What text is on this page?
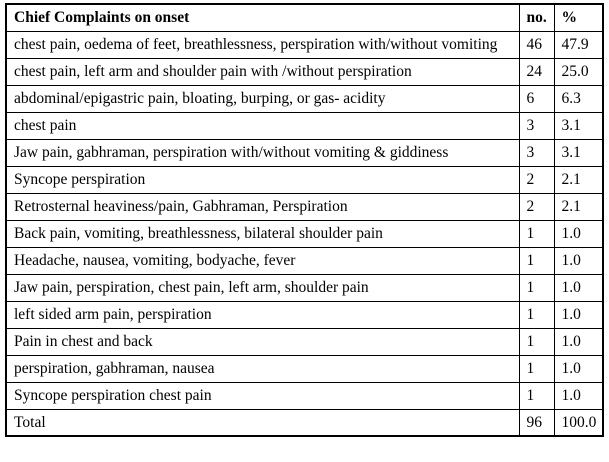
Chief Complaints on onset	no.	%
chest pain, oedema of feet, breathlessness, perspiration with/without vomiting	46	47.9
chest pain, left arm and shoulder pain with /without perspiration	24	25.0
abdominal/epigastric pain, bloating, burping, or gas- acidity	6	6.3
chest pain	3	3.1
Jaw pain, gabhraman, perspiration with/without vomiting & giddiness	3	3.1
Syncope perspiration	2	2.1
Retrosternal heaviness/pain, Gabhraman, Perspiration	2	2.1
Back pain, vomiting, breathlessness, bilateral shoulder pain	1	1.0
Headache, nausea, vomiting, bodyache, fever	1	1.0
Jaw pain, perspiration, chest pain, left arm, shoulder pain	1	1.0
left sided arm pain, perspiration	1	1.0
Pain in chest and back	1	1.0
perspiration, gabhraman, nausea	1	1.0
Syncope perspiration chest pain	1	1.0
Total	96	100.0
